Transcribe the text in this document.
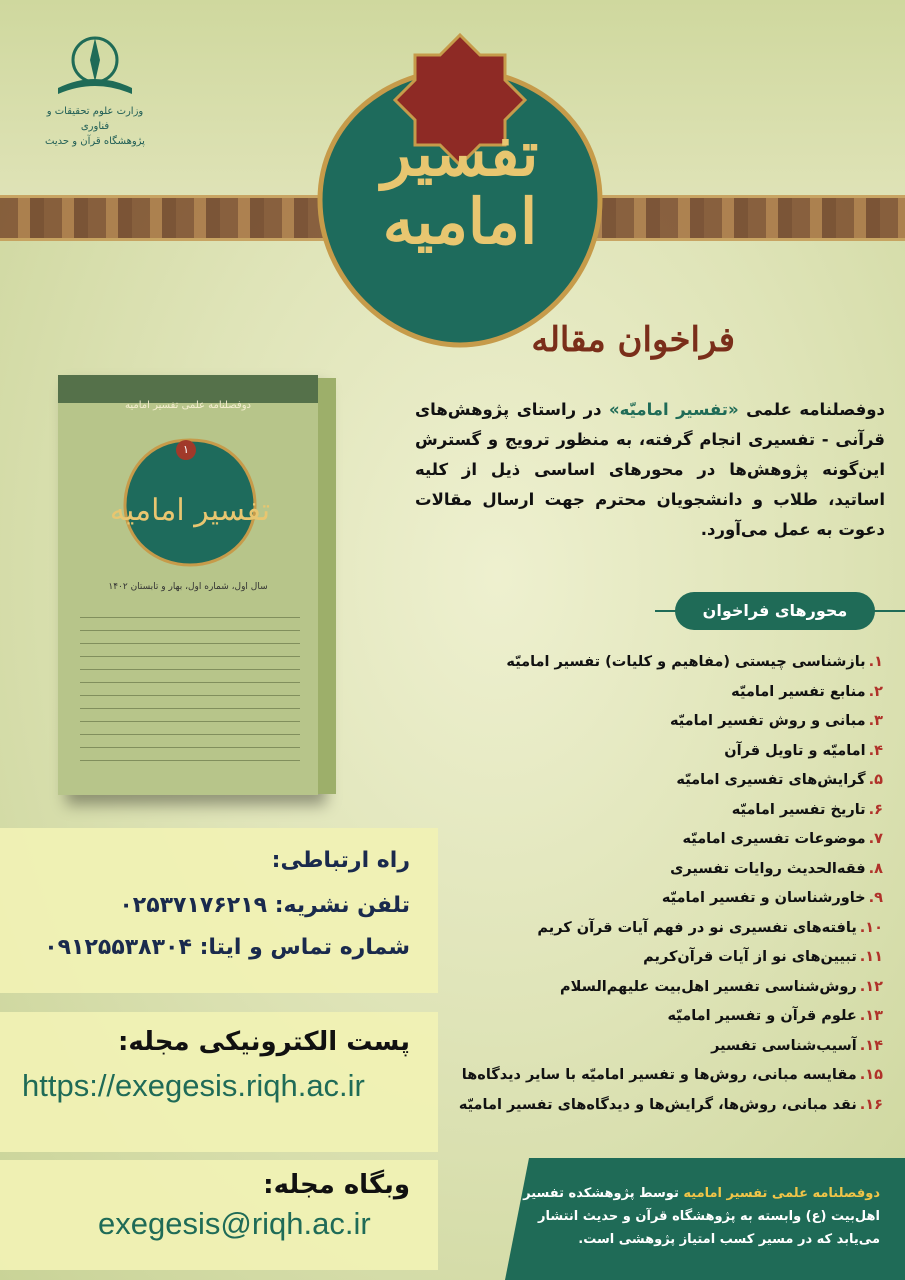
وزارت علوم تحقیقات و فناوری
پژوهشگاه قرآن و حدیث	تفسیر امامیه
فراخوان مقاله
دوفصلنامه علمی «تفسیر امامیّه» در راستای پژوهش‌های قرآنی - تفسیری انجام گرفته، به منظور ترویج و گسترش این‌گونه پژوهش‌ها در محورهای اساسی ذیل از کلیه اساتید، طلاب و دانشجویان محترم جهت ارسال مقالات دعوت به عمل می‌آورد.
محورهای فراخوان
۱.بازشناسی چیستی (مفاهیم و کلیات) تفسیر امامیّه
۲.منابع تفسیر امامیّه
۳.مبانی و روش تفسیر امامیّه
۴.امامیّه و تاویل قرآن
۵.گرایش‌های تفسیری امامیّه
۶.تاریخ تفسیر امامیّه
۷.موضوعات تفسیری امامیّه
۸.فقه‌الحدیث روایات تفسیری
۹.خاورشناسان و تفسیر امامیّه
۱۰.یافته‌های تفسیری نو در فهم آیات قرآن کریم
۱۱.تبیین‌های نو از آیات قرآن‌کریم
۱۲.روش‌شناسی تفسیر اهل‌بیت علیهم‌السلام
۱۳.علوم قرآن و تفسیر امامیّه
۱۴.آسیب‌شناسی تفسیر
۱۵.مقایسه مبانی، روش‌ها و تفسیر امامیّه با سایر دیدگاه‌ها
۱۶.نقد مبانی، روش‌ها، گرایش‌ها و دیدگاه‌های تفسیر امامیّه
دوفصلنامه علمی تفسیر امامیه
تفسیر امامیه
۱
سال اول، شماره اول، بهار و تابستان ۱۴۰۲
راه ارتباطی:
تلفن نشریه: ۰۲۵۳۷۱۷۶۲۱۹
شماره تماس و ایتا: ۰۹۱۲۵۵۳۸۳۰۴
پست الکترونیکی مجله:
https://exegesis.riqh.ac.ir
وبگاه مجله:
exegesis@riqh.ac.ir
دوفصلنامه علمی تفسیر امامیه توسط پژوهشکده تفسیر اهل‌بیت (ع) وابسته به پژوهشگاه قرآن و حدیث انتشار می‌یابد که در مسیر کسب امتیاز پژوهشی است.
